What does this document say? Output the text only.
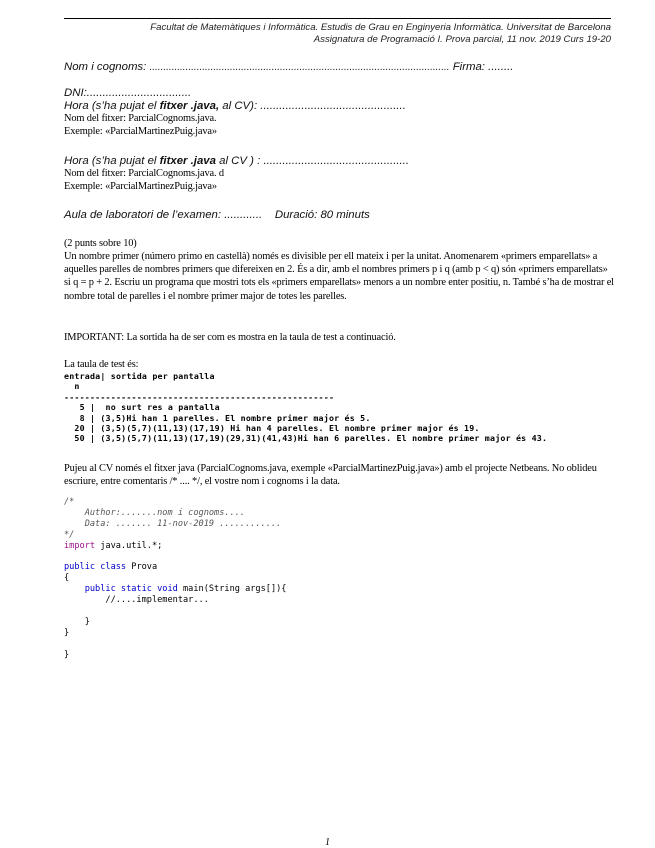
Facultat de Matemàtiques i Informàtica. Estudis de Grau en Enginyeria Informàtica. Universitat de Barcelona
Assignatura de Programació I. Prova parcial, 11 nov. 2019 Curs 19-20
Nom i cognoms: ............................................................................................................ Firma: ........
DNI:.................................
Hora (s’ha pujat el fitxer .java, al CV): ..............................................
Nom del fitxer: ParcialCognoms.java.
Exemple: «ParcialMartinezPuig.java»
Hora (s’ha pujat el fitxer .java al CV ) : ..............................................
Nom del fitxer: ParcialCognoms.java. d
Exemple: «ParcialMartinezPuig.java»
Aula de laboratori de l’examen: ............ Duració: 80 minuts
(2 punts sobre 10)
Un nombre primer (número primo en castellà) només es divisible per ell mateix i per la unitat. Anomenarem «primers emparellats» a aquelles parelles de nombres primers que difereixen en 2. És a dir, amb el nombres primers p i q (amb p < q) són «primers emparellats» si q = p + 2. Escriu un programa que mostri tots els «primers emparellats» menors a un nombre enter positiu, n. També s’ha de mostrar el nombre total de parelles i el nombre primer major de totes les parelles.
IMPORTANT: La sortida ha de ser com es mostra en la taula de test a continuació.
La taula de test és:
entrada| sortida per pantalla
n
----------------------------------------------------
5 |  no surt res a pantalla
8 | (3,5)Hi han 1 parelles. El nombre primer major és 5.
20 | (3,5)(5,7)(11,13)(17,19) Hi han 4 parelles. El nombre primer major és 19.
50 | (3,5)(5,7)(11,13)(17,19)(29,31)(41,43)Hi han 6 parelles. El nombre primer major és 43.
Pujeu al CV només el fitxer java (ParcialCognoms.java, exemple «ParcialMartinezPuig.java») amb el projecte Netbeans. No oblideu escriure, entre comentaris /* .... */, el vostre nom i cognoms i la data.
/*
Author:.......nom i cognoms....
Data: ....... 11-nov-2019 ............
*/
import java.util.*;

public class Prova
{
public static void main(String args[]){
//....implementar...

}
}

}
1
